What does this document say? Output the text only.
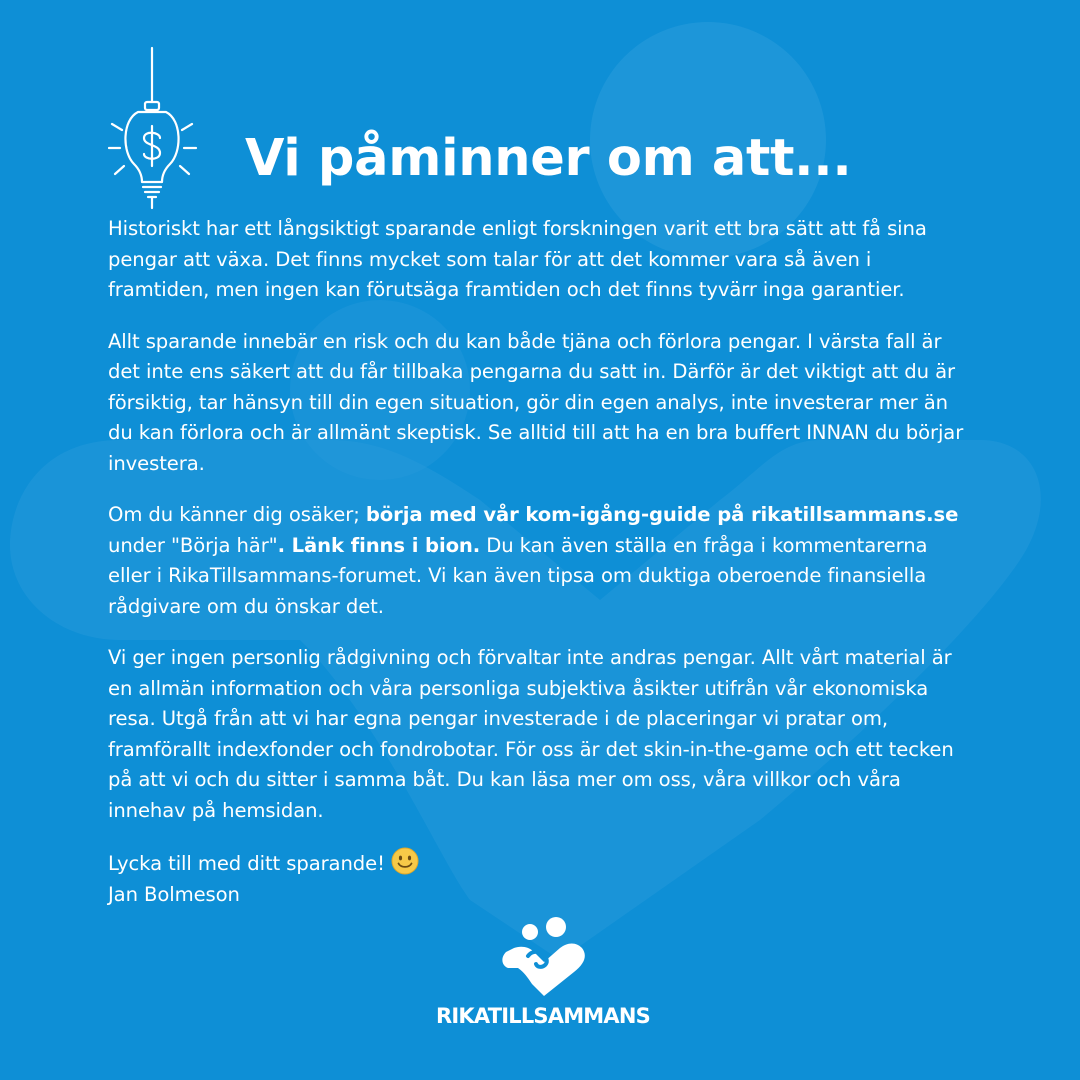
Vi påminner om att...

Historiskt har ett långsiktigt sparande enligt forskningen varit ett bra sätt att få sina pengar att växa. Det finns mycket som talar för att det kommer vara så även i framtiden, men ingen kan förutsäga framtiden och det finns tyvärr inga garantier.

Allt sparande innebär en risk och du kan både tjäna och förlora pengar. I värsta fall är det inte ens säkert att du får tillbaka pengarna du satt in. Därför är det viktigt att du är försiktig, tar hänsyn till din egen situation, gör din egen analys, inte investerar mer än du kan förlora och är allmänt skeptisk. Se alltid till att ha en bra buffert INNAN du börjar investera.

Om du känner dig osäker; börja med vår kom-igång-guide på rikatillsammans.se under "Börja här". Länk finns i bion. Du kan även ställa en fråga i kommentarerna eller i RikaTillsammans-forumet. Vi kan även tipsa om duktiga oberoende finansiella rådgivare om du önskar det.

Vi ger ingen personlig rådgivning och förvaltar inte andras pengar. Allt vårt material är en allmän information och våra personliga subjektiva åsikter utifrån vår ekonomiska resa. Utgå från att vi har egna pengar investerade i de placeringar vi pratar om, framförallt indexfonder och fondrobotar. För oss är det skin-in-the-game och ett tecken på att vi och du sitter i samma båt. Du kan läsa mer om oss, våra villkor och våra innehav på hemsidan.

Lycka till med ditt sparande!

Jan Bolmeson

RIKATILLSAMMANS
